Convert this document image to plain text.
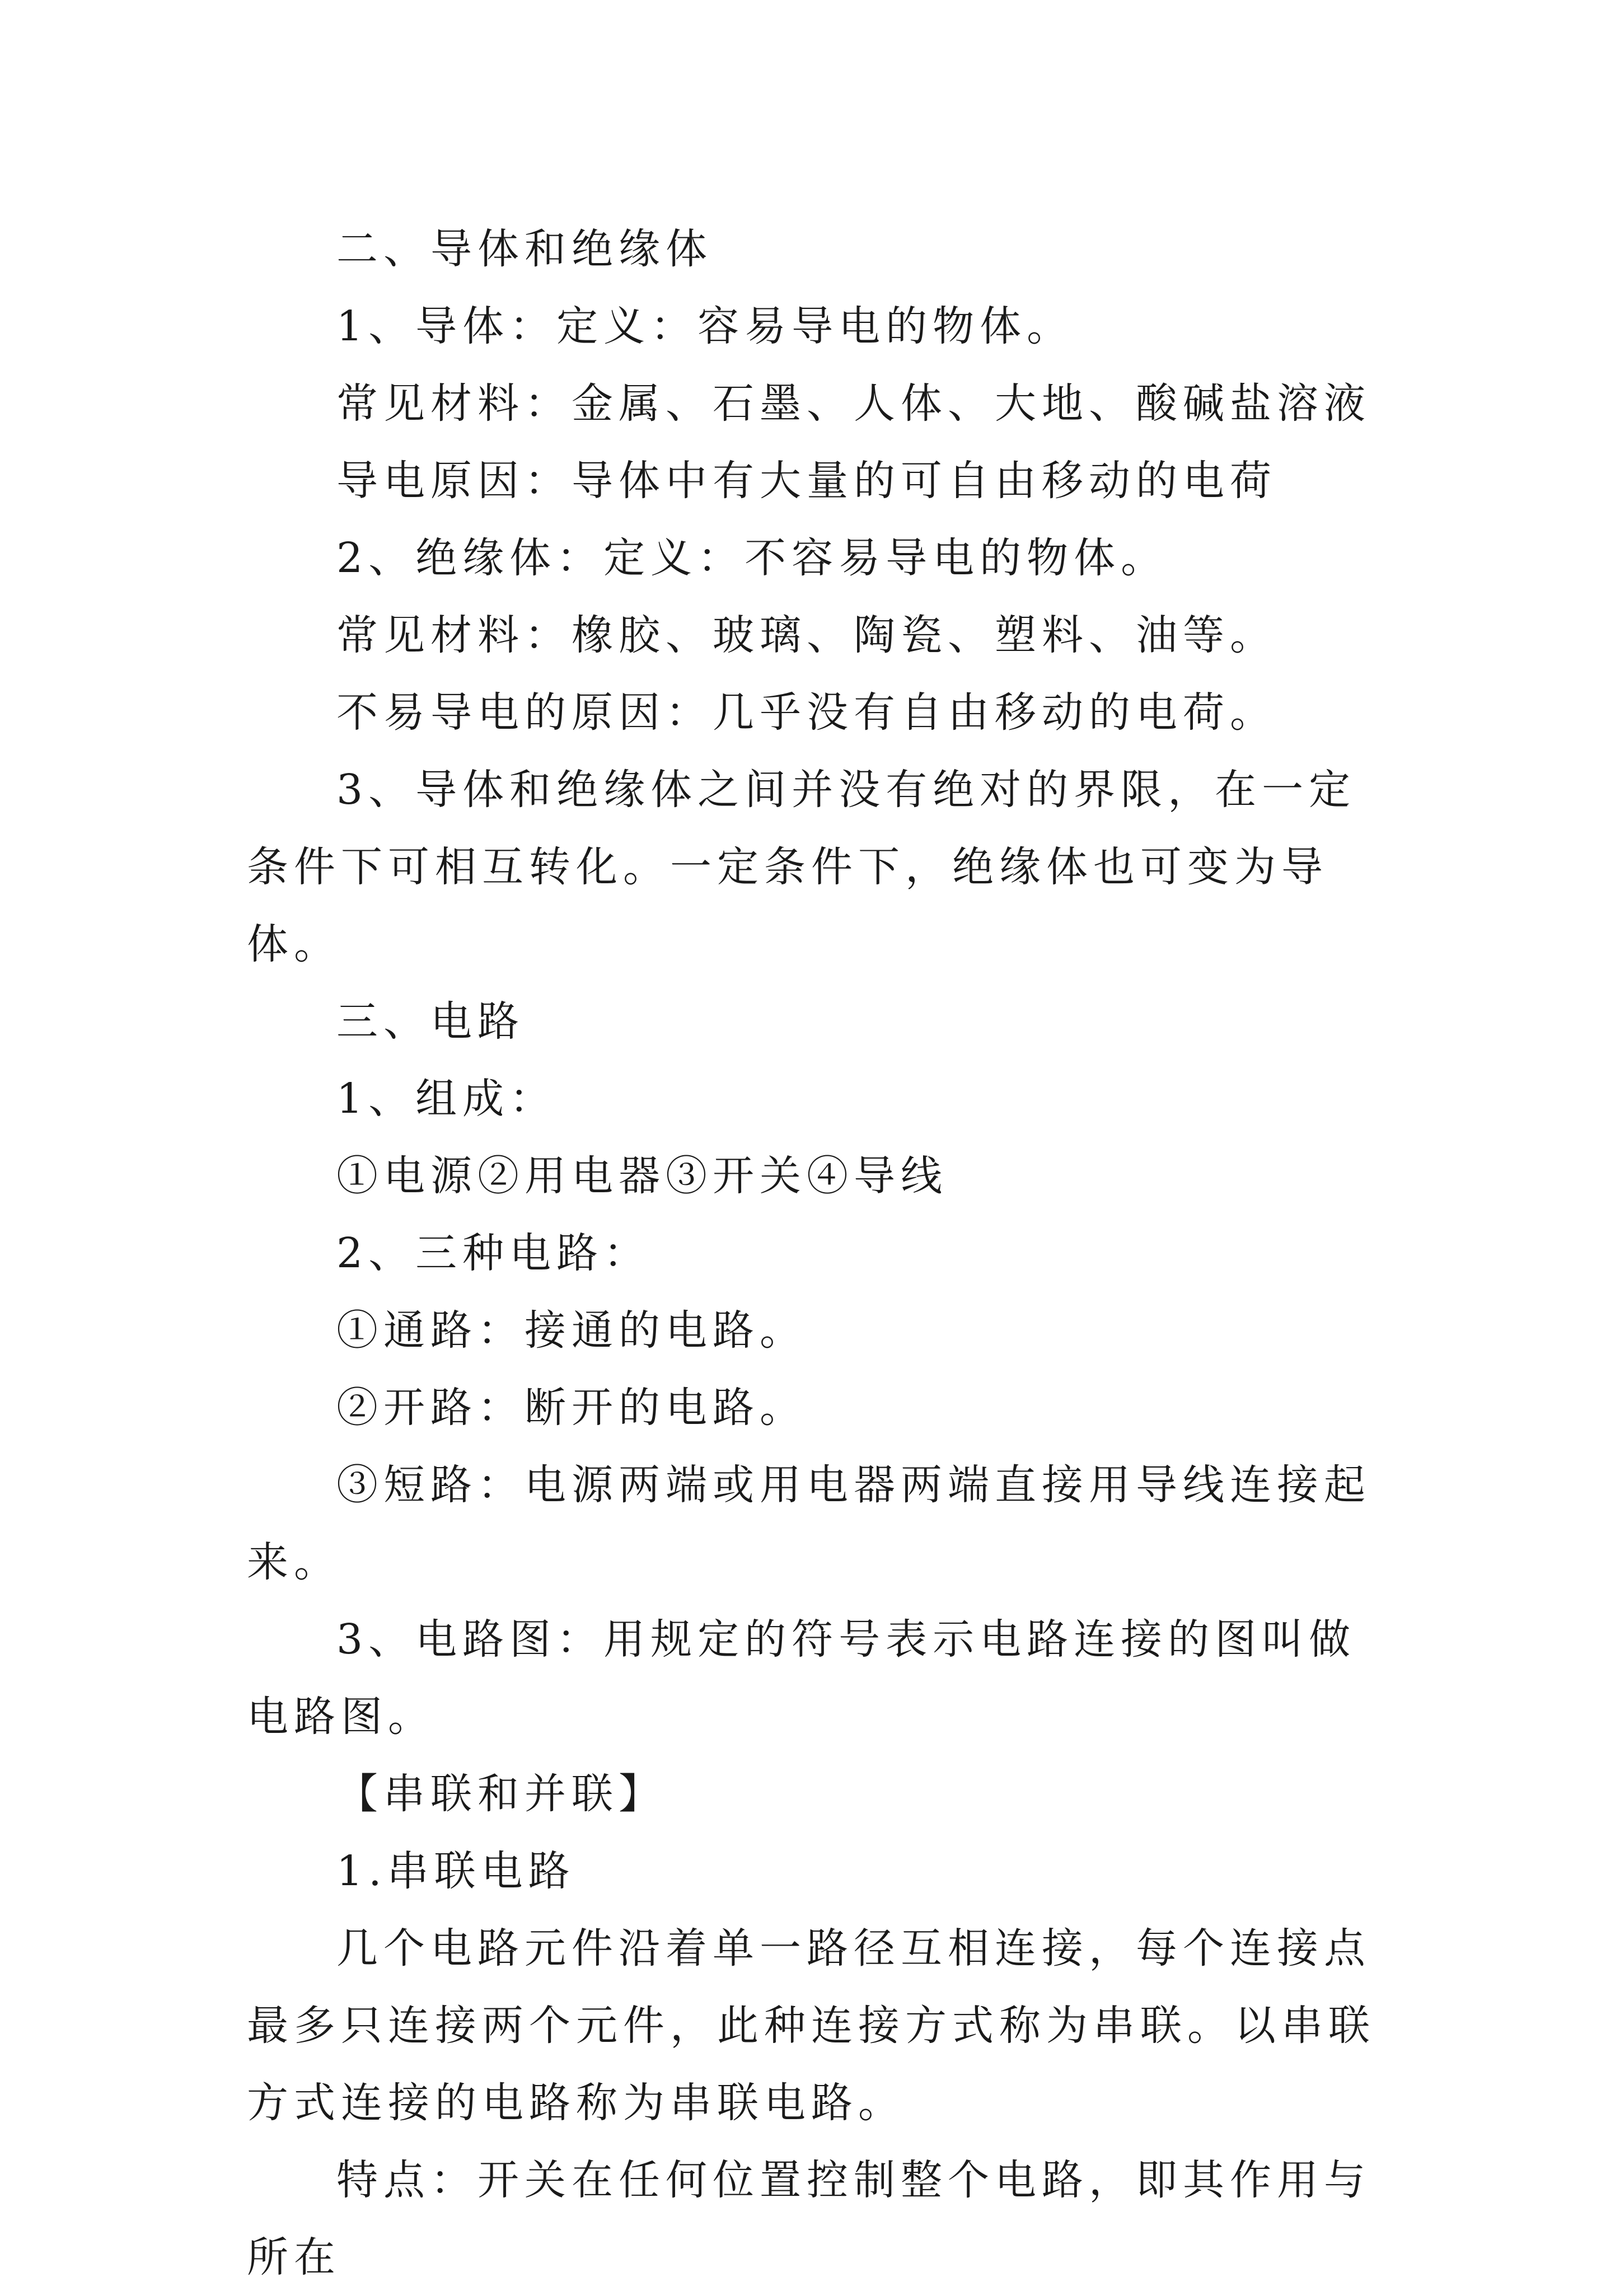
二、导体和绝缘体

1、导体：定义：容易导电的物体。

常见材料：金属、石墨、人体、大地、酸碱盐溶液

导电原因：导体中有大量的可自由移动的电荷

2、绝缘体：定义：不容易导电的物体。

常见材料：橡胶、玻璃、陶瓷、塑料、油等。

不易导电的原因：几乎没有自由移动的电荷。

3、导体和绝缘体之间并没有绝对的界限，在一定条件下可相互转化。一定条件下，绝缘体也可变为导体。

三、电路

1、组成：

①电源②用电器③开关④导线

2、三种电路：

①通路：接通的电路。

②开路：断开的电路。

③短路：电源两端或用电器两端直接用导线连接起来。

3、电路图：用规定的符号表示电路连接的图叫做电路图。

【串联和并联】

1.串联电路

几个电路元件沿着单一路径互相连接，每个连接点最多只连接两个元件，此种连接方式称为串联。以串联方式连接的电路称为串联电路。

特点：开关在任何位置控制整个电路，即其作用与所在
